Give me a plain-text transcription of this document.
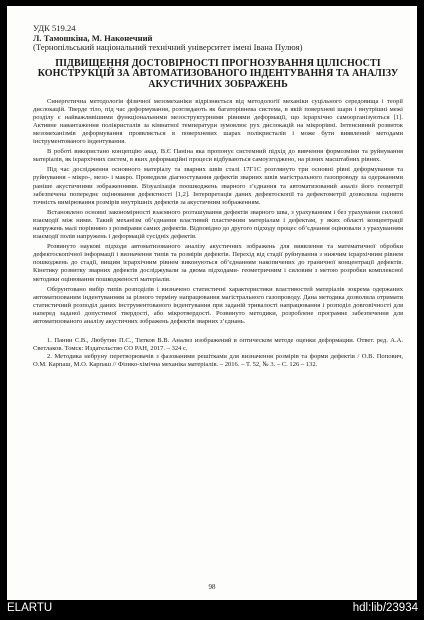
УДК 519.24

Л. Тамошкіна, М. Наконечний

(Тернопільський національний технічний університет імені Івана Пулюя)

ПІДВИЩЕННЯ ДОСТОВІРНОСТІ ПРОГНОЗУВАННЯ ЦІЛІСНОСТІ КОНСТРУКЦІЙ ЗА АВТОМАТИЗОВАНОГО ІНДЕНТУВАННЯ ТА АНАЛІЗУ АКУСТИЧНИХ ЗОБРАЖЕНЬ

Синергетична методологія фізичної мезомеханіки відрізняється від методології механіки суцільного середовища і теорії дислокацій. Тверде тіло, під час деформування, розглядають як багаторівнева система, в якій поверхневі шари і внутрішні межі розділу є найважливішими функціональними мезоструктурними рівнями деформації, що ієрархічно самоорганізуються [1]. Активне навантаження полікристалів за кімнатної температури зумовлює рух дислокацій на мікрорівні. Інтенсивний розвиток мезомеханізмів деформування проявляється в поверхневих шарах полікристалів і може бути виявлений методами інструментованого індентування.

В роботі використано концепцію акад. В.Є Паніна яка пропонує системний підхід до вивчення формозміни та руйнування матеріалів, як ієрархічних систем, в яких деформаційні процеси відбуваються самоузгоджено, на різних масштабних рівнях.

Під час дослідження основного матеріалу та зварних швів сталі 17Г1С розглянуто три основні рівні деформування та руйнування - мікро-, мезо- і макро. Проведили діагностування дефектів зварних швів магістрального газопроводу за одержаними раніше акустичними зображеннями. Візуалізація поошкоджень зварного з’єднання та автоматизований аналіз його геометрії забезпечена попереднє оцінювання дефектності [1,2]. Інтерпретація даних дефектоскопії та дефектометрії дозволила оцінити точність вимірювання розмірів внутрішніх дефектів за акустичним зображенням.

Встановлено основні закономірності взаємного розташування дефектів зварного шва, з урахуванням і без урахування силової взаємодії між ними. Такий механізм об’єднання властивий пластичним матеріалам і дефектам, у яких області концентрації напружень малі порівняно з розмірами самих дефектів. Відповідно до другого підходу процес об’єднання оцінювали з урахуванням взаємодії полів напружень і деформацій сусідніх дефектів.

Розвинуто наукові підходи автоматизованого аналізу акустичних зображень для виявлення та математичної обробки дефектоскопічної інформації і визначення типів та розмірів дефектів. Перехід від стадії руйнування з нижчим ієрархічним рівнем пошкоджень до стадії, вищим ієрархічним рівнем виконуються об’єднанням накопичених до граничної концентрації дефектів. Кінетику розвитку зварних дефектів досліджували за двома підходами- геометричним і силовим з метою розробки комплексної методики оцінювання пошкодженості матеріалів.

Обґрунтовано вибір типів розподілів і визначено статистичні характеристики властивостей матеріалів зокрема одержаних автоматизованим індентуванням за різного терміну напрацювання магістрального газопроводу. Дана методика дозволила отримати статистичний розподіл даних інструментованого індентування при заданій тривалості напрацювання і розподіл довговічності для наперед заданої допустимої твердості, або мікротвердості. Розвинуто методики, розроблене програмне забезпечення для автоматизованого аналізу акустичних зображень дефектів зварних з’єднань.

1. Панин С.В., Любутин П.С., Титков В.В. Анализ изображений в оптическом методе оценки деформации. Ответ. ред. А.А. Светлаков. Томск: Издательство СО РАН, 2017. – 324 с.

2. Методика небруну перетворювачів з фазованими решітками для визначення розмірів та форми дефектів / О.В. Попович, О.М. Карпаш, М.О. Карпаш // Фізико-хімічна механіка матеріалів. – 2016. – Т. 52, № 3. – С. 126 – 132.

98
ELARTU	hdl:lib/23934
